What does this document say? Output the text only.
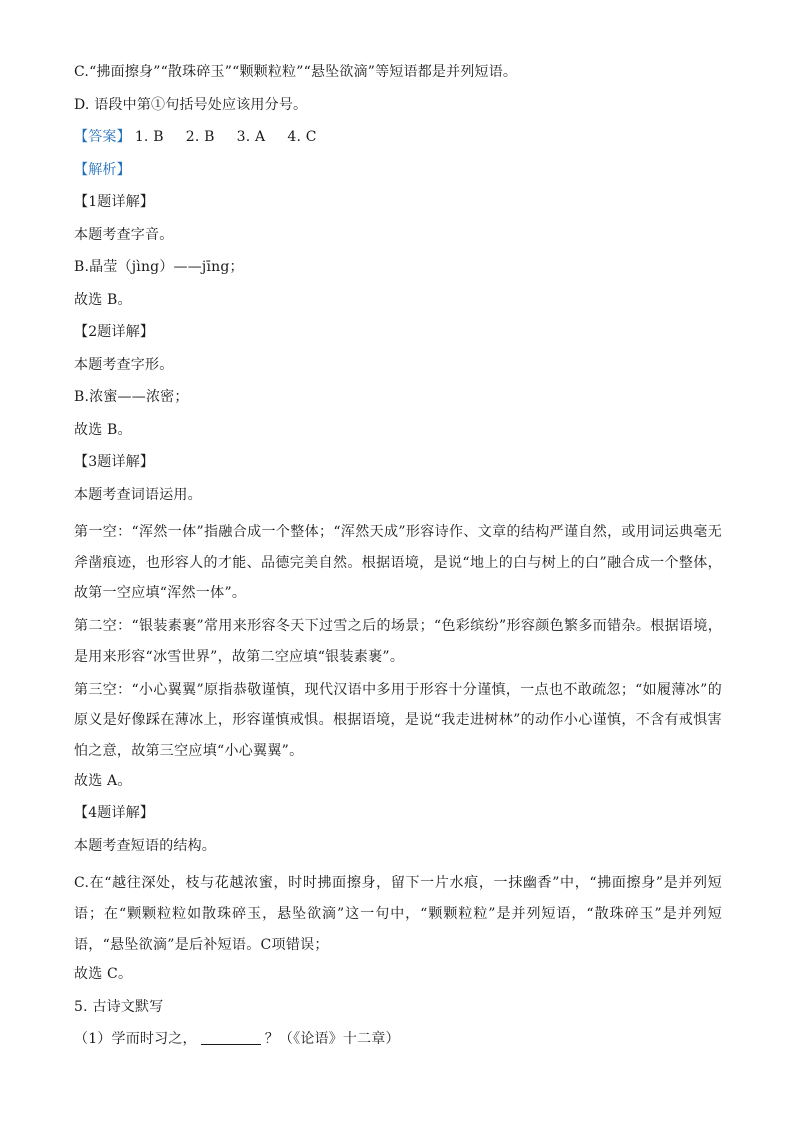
C.“拂面擦身”“散珠碎玉”“颗颗粒粒”“悬坠欲滴”等短语都是并列短语。
D. 语段中第①句括号处应该用分号。
【答案】 1. B 2. B 3. A 4. C
【解析】
【1题详解】
本题考查字音。
B.晶莹（jìng）——jīng；
故选 B。
【2题详解】
本题考查字形。
B.浓蜜——浓密；
故选 B。
【3题详解】
本题考查词语运用。
第一空：“浑然一体”指融合成一个整体；“浑然天成”形容诗作、文章的结构严谨自然，或用词运典毫无斧凿痕迹，也形容人的才能、品德完美自然。根据语境，是说“地上的白与树上的白”融合成一个整体，故第一空应填“浑然一体”。
第二空：“银装素裹”常用来形容冬天下过雪之后的场景；“色彩缤纷”形容颜色繁多而错杂。根据语境，是用来形容“冰雪世界”，故第二空应填“银装素裹”。
第三空：“小心翼翼”原指恭敬谨慎，现代汉语中多用于形容十分谨慎，一点也不敢疏忽；“如履薄冰”的原义是好像踩在薄冰上，形容谨慎戒惧。根据语境，是说“我走进树林”的动作小心谨慎，不含有戒惧害怕之意，故第三空应填“小心翼翼”。
故选 A。
【4题详解】
本题考查短语的结构。
C.在“越往深处，枝与花越浓蜜，时时拂面擦身，留下一片水痕，一抹幽香”中，“拂面擦身”是并列短语；在“颗颗粒粒如散珠碎玉，悬坠欲滴”这一句中，“颗颗粒粒”是并列短语，“散珠碎玉”是并列短语，“悬坠欲滴”是后补短语。C项错误；
故选 C。
5. 古诗文默写
（1）学而时习之，	？（《论语》十二章）
